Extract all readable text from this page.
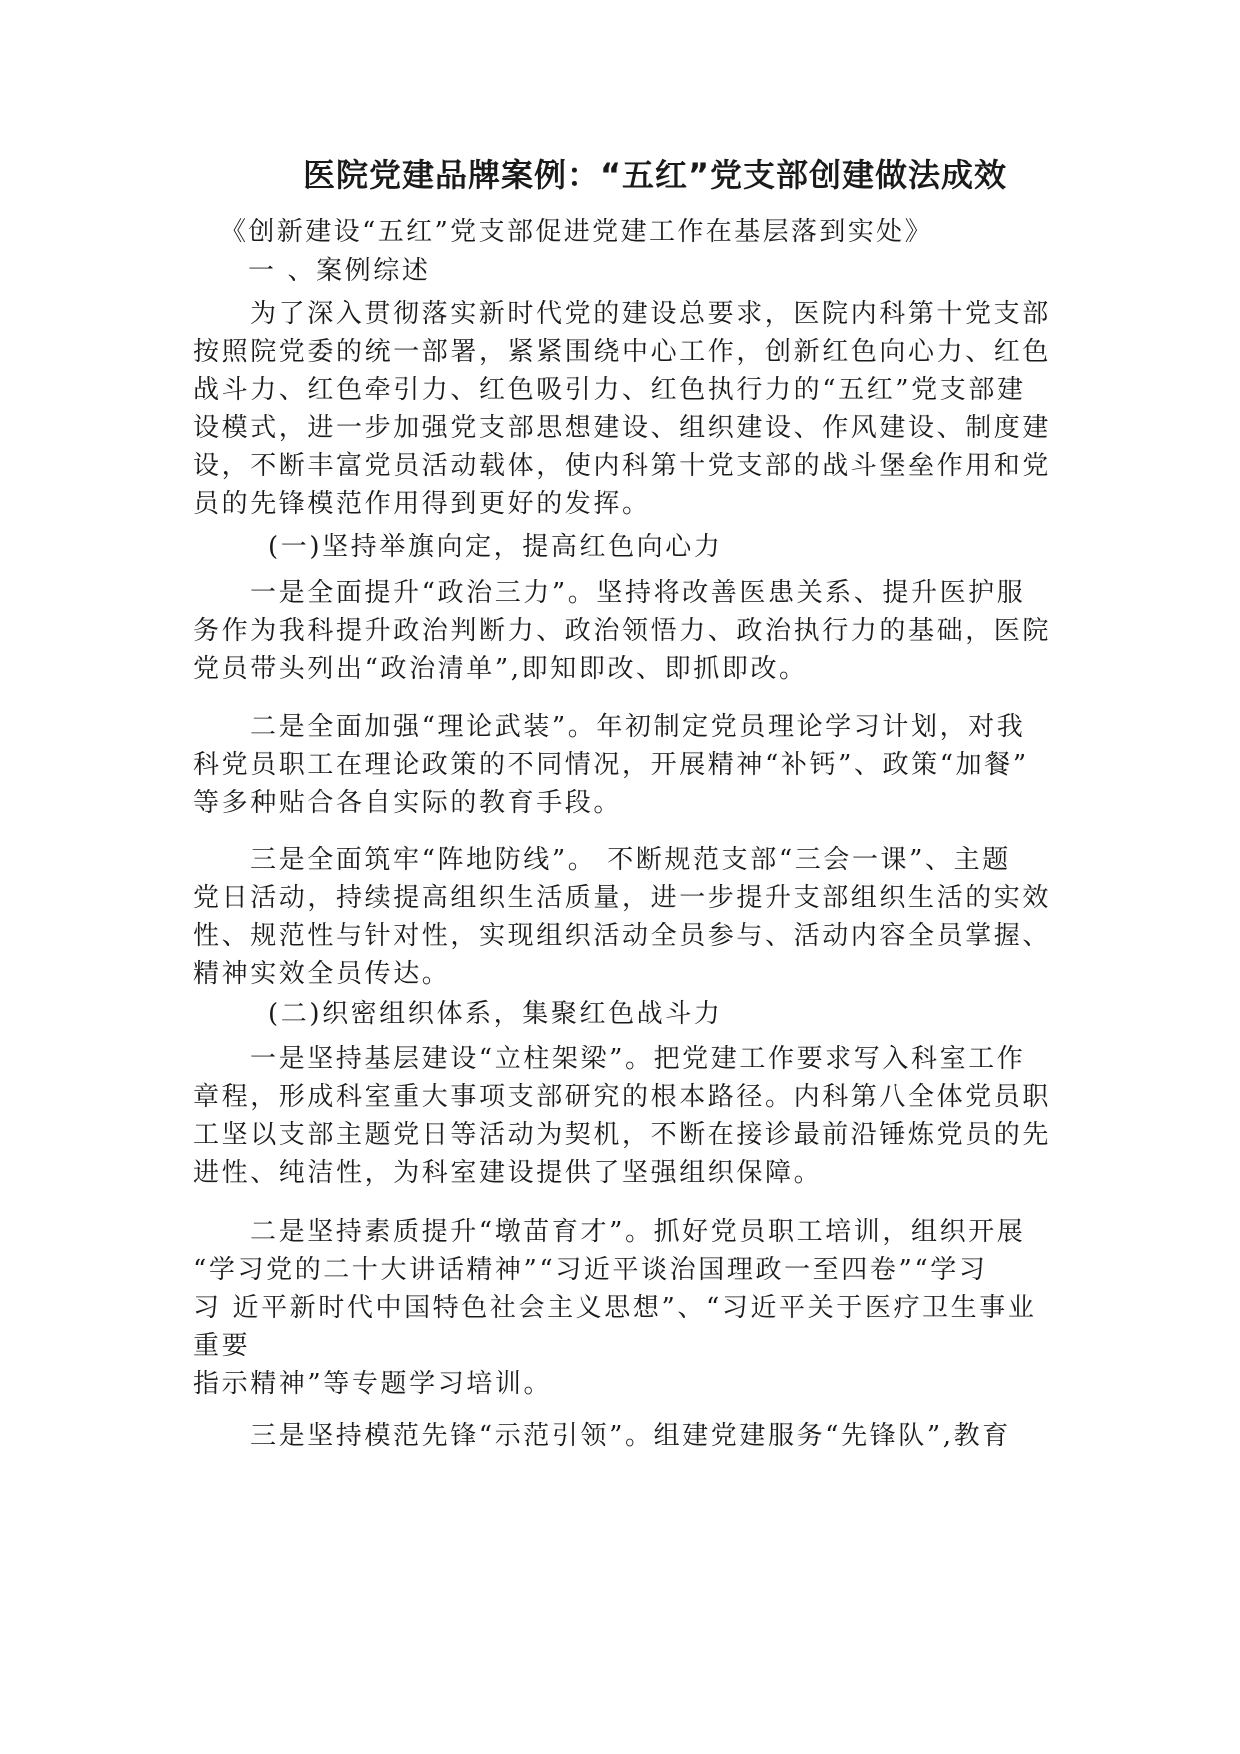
医院党建品牌案例：“五红”党支部创建做法成效

《创新建设“五红”党支部促进党建工作在基层落到实处》

一 、案例综述

为了深入贯彻落实新时代党的建设总要求，医院内科第十党支部

按照院党委的统一部署，紧紧围绕中心工作，创新红色向心力、红色

战斗力、红色牵引力、红色吸引力、红色执行力的“五红”党支部建

设模式，进一步加强党支部思想建设、组织建设、作风建设、制度建

设，不断丰富党员活动载体，使内科第十党支部的战斗堡垒作用和党

员的先锋模范作用得到更好的发挥。

(一)坚持举旗向定，提高红色向心力

一是全面提升“政治三力”。坚持将改善医患关系、提升医护服

务作为我科提升政治判断力、政治领悟力、政治执行力的基础，医院

党员带头列出“政治清单”,即知即改、即抓即改。

二是全面加强“理论武装”。年初制定党员理论学习计划，对我

科党员职工在理论政策的不同情况，开展精神“补钙”、政策“加餐”

等多种贴合各自实际的教育手段。

三是全面筑牢“阵地防线”。 不断规范支部“三会一课”、主题

党日活动，持续提高组织生活质量，进一步提升支部组织生活的实效

性、规范性与针对性，实现组织活动全员参与、活动内容全员掌握、

精神实效全员传达。

(二)织密组织体系，集聚红色战斗力

一是坚持基层建设“立柱架梁”。把党建工作要求写入科室工作

章程，形成科室重大事项支部研究的根本路径。内科第八全体党员职

工坚以支部主题党日等活动为契机，不断在接诊最前沿锤炼党员的先

进性、纯洁性，为科室建设提供了坚强组织保障。

二是坚持素质提升“墩苗育才”。抓好党员职工培训，组织开展

“学习党的二十大讲话精神”“习近平谈治国理政一至四卷”“学习

习 近平新时代中国特色社会主义思想”、“习近平关于医疗卫生事业

重要

指示精神”等专题学习培训。

三是坚持模范先锋“示范引领”。组建党建服务“先锋队”,教育
